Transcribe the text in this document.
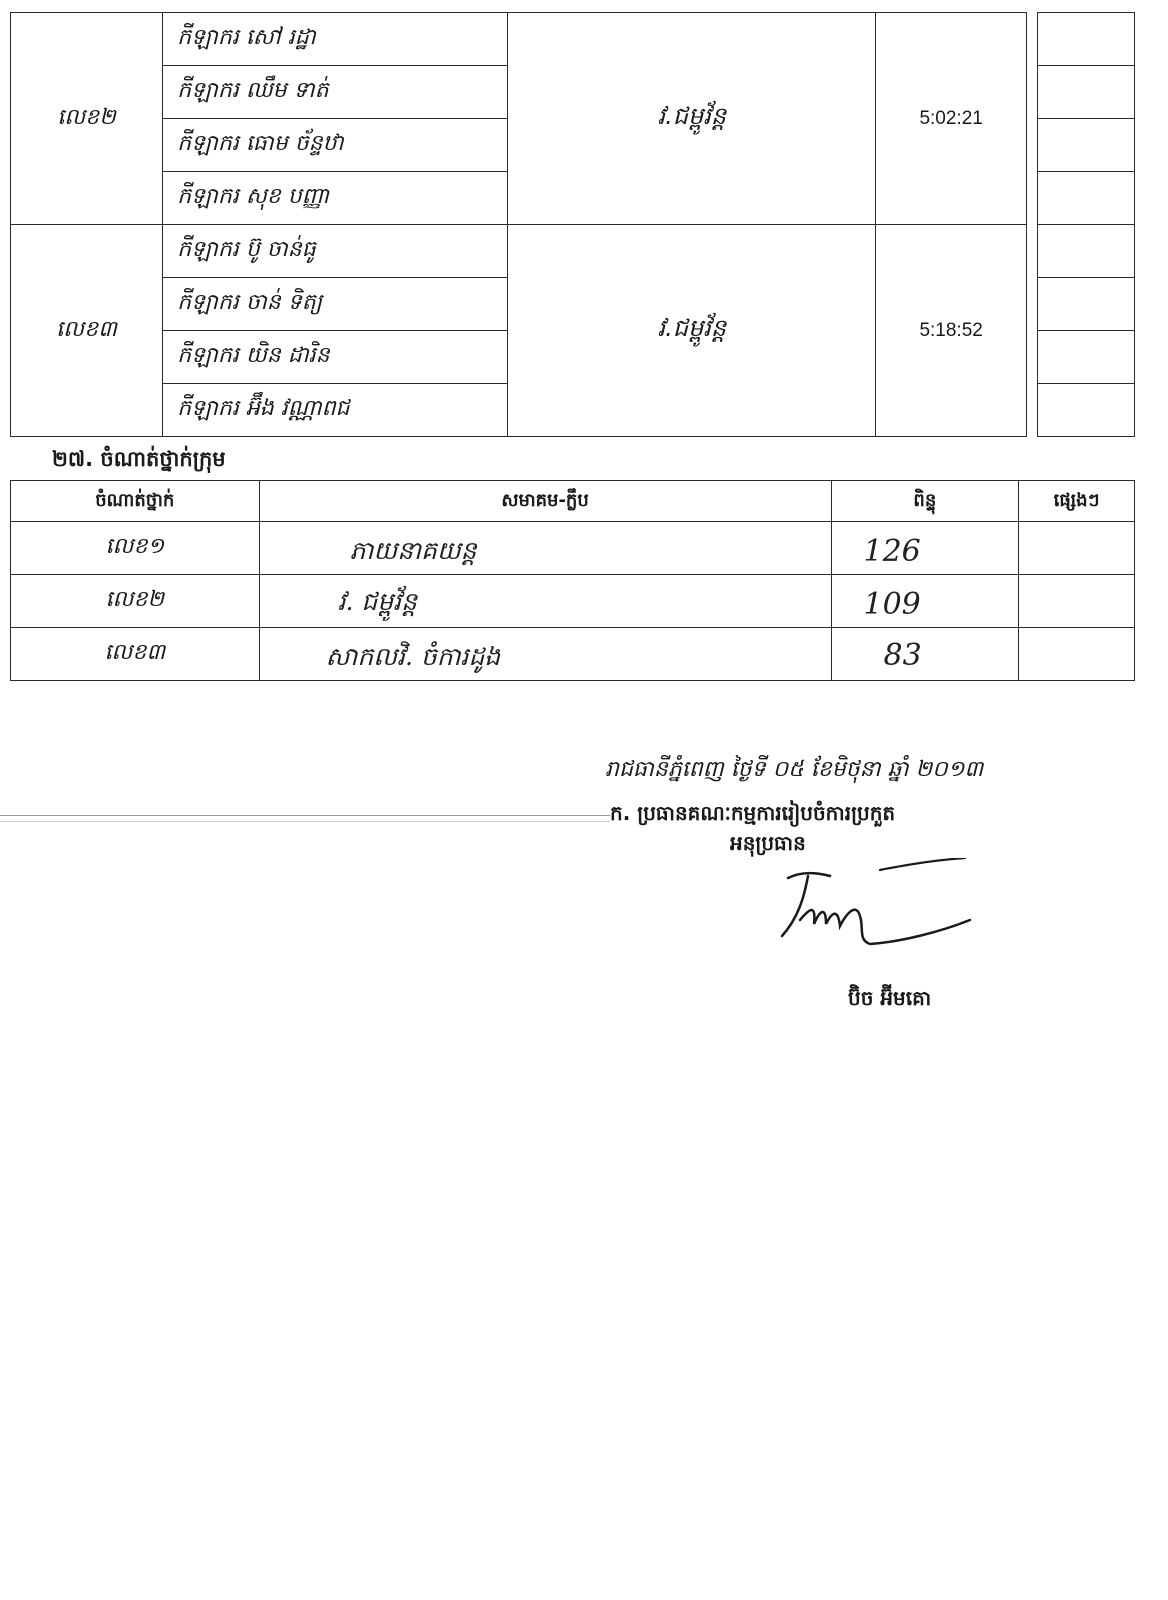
លេខ២	កីឡាករ សៅ រដ្ឋា	វ.ជម្ពូវ័ន្ត	5:02:21		
	កីឡាករ ឈឹម ទាត់				
	កីឡាករ ធោម ច័ន្ទឋា				
	កីឡាករ សុខ បញ្ញា				
លេខ៣	កីឡាករ ប៊ូ ចាន់ធូ	វ.ជម្ពូវ័ន្ត	5:18:52		
	កីឡាករ ចាន់ ទិត្យ				
	កីឡាករ យិន ដារិន				
	កីឡាករ អ៊ឹង វណ្ណាពជ				
២៧. ចំណាត់ថ្នាក់ក្រុម
ចំណាត់ថ្នាក់	សមាគម-ក្លឹប	ពិន្ទុ	ផ្សេងៗ
លេខ១	ភាយនាគយន្ត	126	

លេខ២	វ. ជម្ពូវ័ន្ត	109	

លេខ៣	សាកលវិ. ចំការដូង	83	

រាជធានីភ្នំពេញ ថ្ងៃទី ០៥ ខែមិថុនា ឆ្នាំ ២០១៣
ក. ប្រធានគណៈកម្មការរៀបចំការប្រកួត
អនុប្រធាន
ប៊ិច អ៊ីមគោ
